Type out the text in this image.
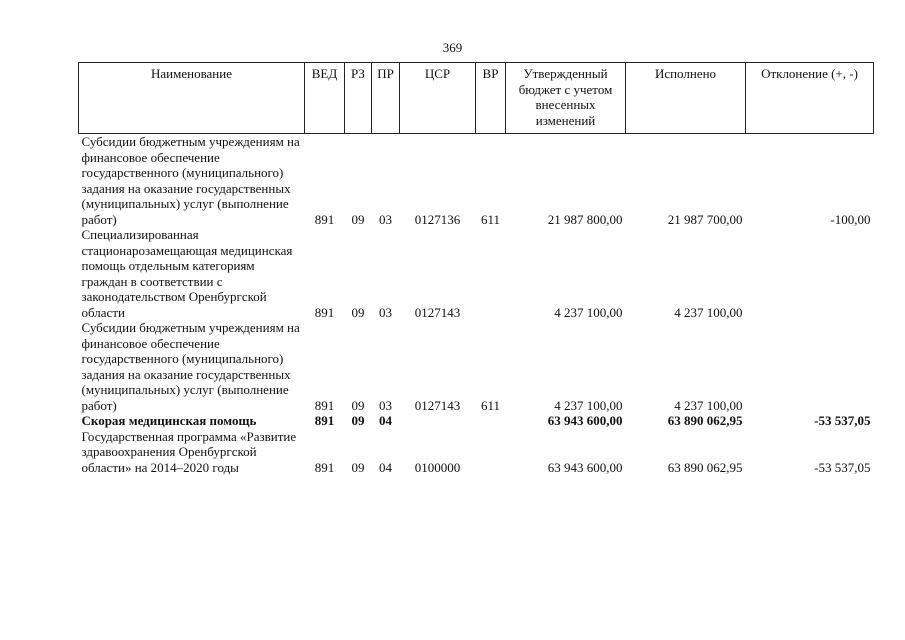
369
Наименование	ВЕД	РЗ	ПР	ЦСР	ВР	Утвержденный бюджет с учетом внесенных изменений	Исполнено	Отклонение (+, -)
Субсидии бюджетным учреждениям на финансовое обеспечение государственного (муниципального) задания на оказание государственных (муниципальных) услуг (выполнение работ)	891	09	03	0127136	611	21 987 800,00	21 987 700,00	-100,00
Специализированная стационарозамещающая медицинская помощь отдельным категориям граждан в соответствии с законодательством Оренбургской области	891	09	03	0127143		4 237 100,00	4 237 100,00	
Субсидии бюджетным учреждениям на финансовое обеспечение государственного (муниципального) задания на оказание государственных (муниципальных) услуг (выполнение работ)	891	09	03	0127143	611	4 237 100,00	4 237 100,00	
Скорая медицинская помощь	891	09	04			63 943 600,00	63 890 062,95	-53 537,05
Государственная программа «Развитие здравоохранения Оренбургской области» на 2014–2020 годы	891	09	04	0100000		63 943 600,00	63 890 062,95	-53 537,05
